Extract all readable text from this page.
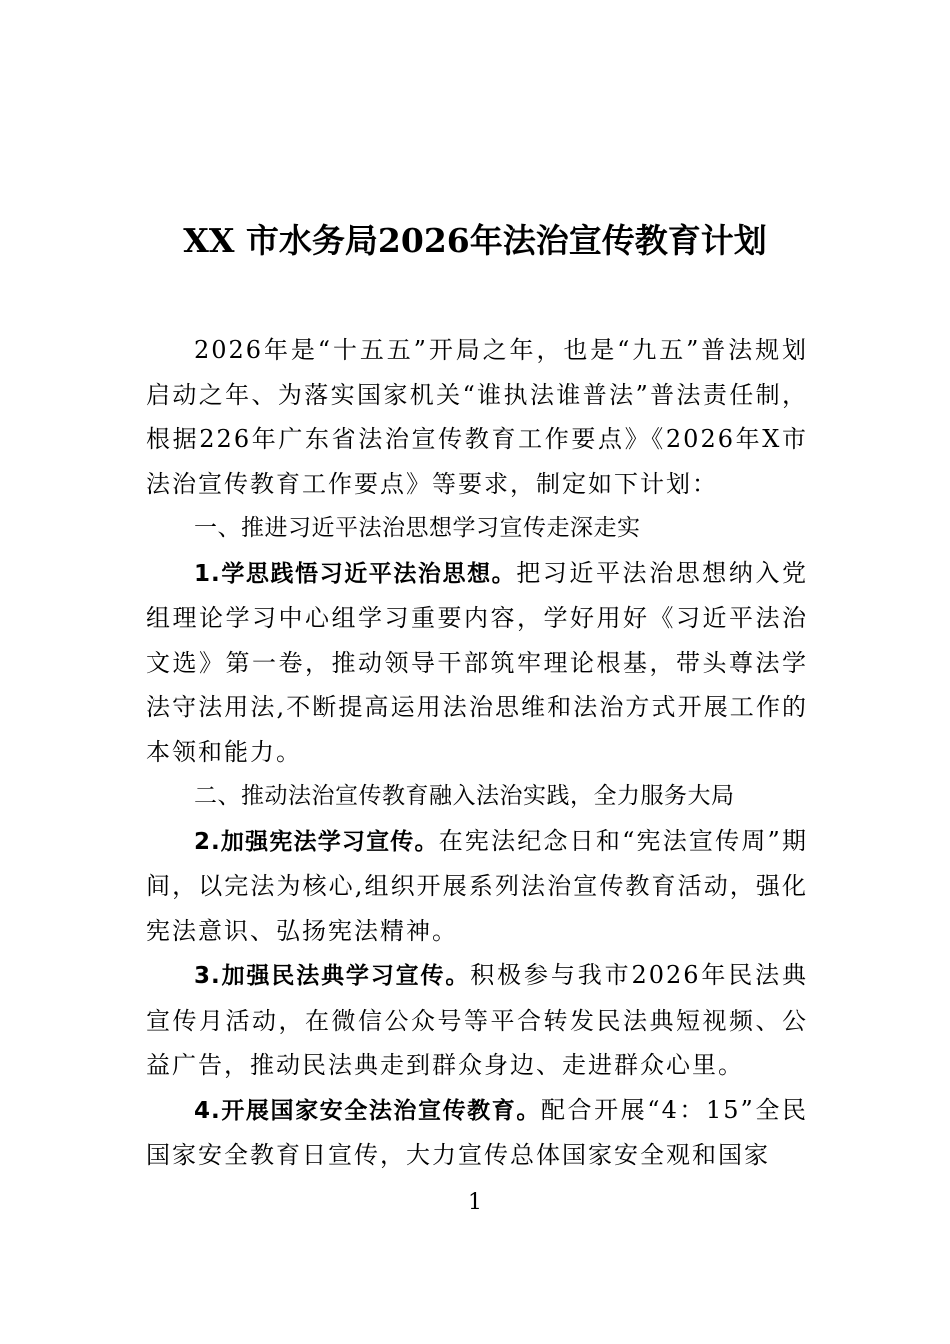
XX 市水务局2026年法治宣传教育计划

2026年是“十五五”开局之年，也是“九五”普法规划启动之年、为落实国家机关“谁执法谁普法”普法责任制，根据226年广东省法治宣传教育工作要点》《2026年X市法治宣传教育工作要点》等要求，制定如下计划：

一、推进习近平法治思想学习宣传走深走实

1.学思践悟习近平法治思想。把习近平法治思想纳入党组理论学习中心组学习重要内容，学好用好《习近平法治文选》第一卷，推动领导干部筑牢理论根基，带头尊法学法守法用法,不断提高运用法治思维和法治方式开展工作的本领和能力。

二、推动法治宣传教育融入法治实践，全力服务大局

2.加强宪法学习宣传。在宪法纪念日和“宪法宣传周”期间，以完法为核心,组织开展系列法治宣传教育活动，强化宪法意识、弘扬宪法精神。

3.加强民法典学习宣传。积极参与我市2026年民法典宣传月活动，在微信公众号等平合转发民法典短视频、公益广告，推动民法典走到群众身边、走进群众心里。

4.开展国家安全法治宣传教育。配合开展“4：15”全民国家安全教育日宣传，大力宣传总体国家安全观和国家

1
